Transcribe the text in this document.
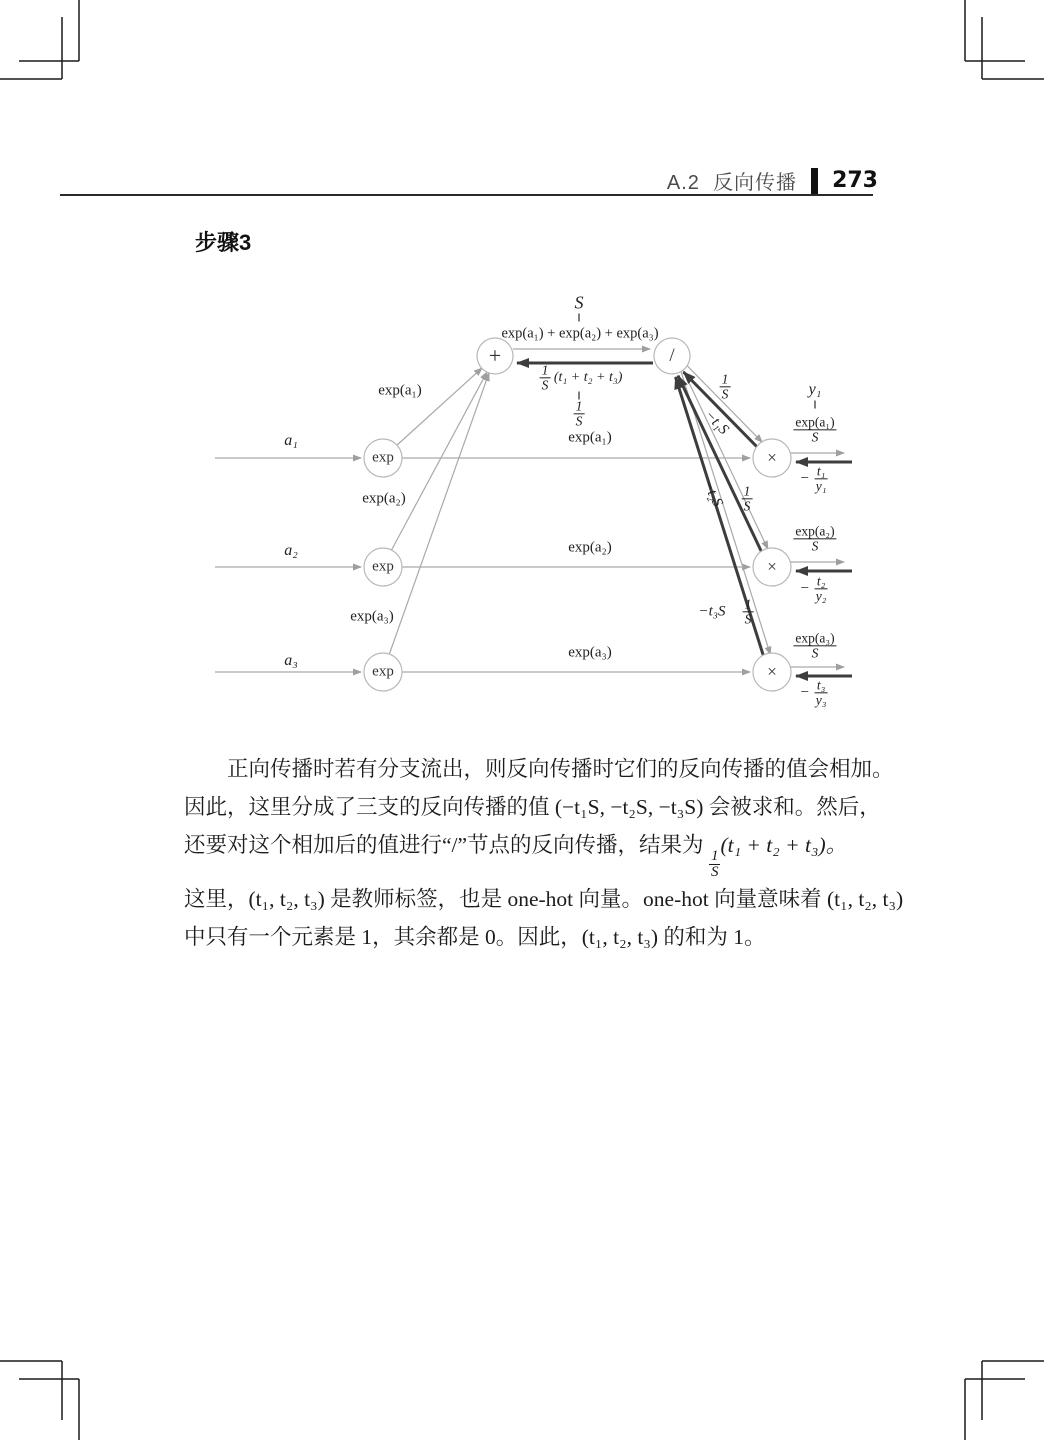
A.2 反向传播 273
步骤3
+	/
exp
exp
exp
×
×
×
S
‖
exp(a₁) + exp(a₂) + exp(a₃)
$\frac{1}{S} (t_1 + t_2 + t_3)$
‖
$\frac{1}{S}$
a₁
a₂
a₃
exp(a₁)
exp(a₂)
exp(a₃)
exp(a₁)
exp(a₂)
exp(a₃)
$\frac{1}{S}$
−t₁S
$-t_2S \frac{1}{S}$
$-t_3S \frac{1}{S}$
y₁
‖
$\frac{\text{exp(a₁)}}{S}$
− $\frac{\text{t₁}}{\text{y₁}}$
$\frac{\text{exp(a₂)}}{S}$
− $\frac{\text{t₂}}{\text{y₂}}$
$\frac{\text{exp(a₃)}}{S}$
− $\frac{\text{t₃}}{\text{y₃}}$
正向传播时若有分支流出，则反向传播时它们的反向传播的值会相加。
因此，这里分成了三支的反向传播的值 (−t₁S, −t₂S, −t₃S) 会被求和。然后，
还要对这个相加后的值进行“/”节点的反向传播，结果为
$\frac{1}{S}$
(t₁ + t₂ + t₃)。
这里，(t₁, t₂, t₃) 是教师标签，也是 one-hot 向量。one-hot 向量意味着 (t₁, t₂, t₃)
中只有一个元素是 1，其余都是 0。因此，(t₁, t₂, t₃) 的和为 1。
